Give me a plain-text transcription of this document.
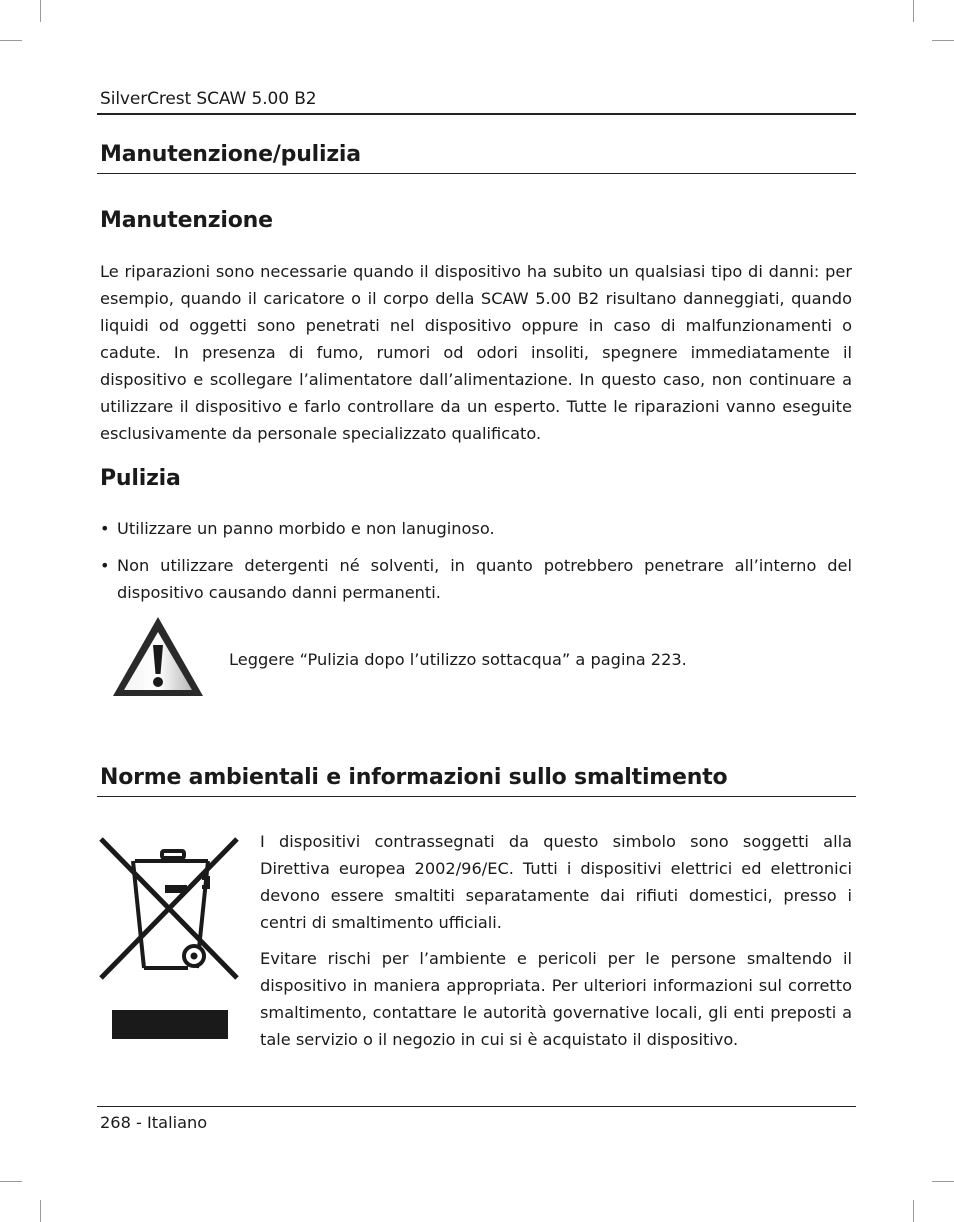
SilverCrest SCAW 5.00 B2
Manutenzione/pulizia
Manutenzione

Le riparazioni sono necessarie quando il dispositivo ha subito un qualsiasi tipo di danni: per esempio, quando il caricatore o il corpo della SCAW 5.00 B2 risultano danneggiati, quando liquidi od oggetti sono penetrati nel dispositivo oppure in caso di malfunzionamenti o cadute. In presenza di fumo, rumori od odori insoliti, spegnere immediatamente il dispositivo e scollegare l’alimentatore dall’alimentazione. In questo caso, non continuare a utilizzare il dispositivo e farlo controllare da un esperto. Tutte le riparazioni vanno eseguite esclusivamente da personale specializzato qualificato.

Pulizia
• Utilizzare un panno morbido e non lanuginoso.
• Non utilizzare detergenti né solventi, in quanto potrebbero penetrare all’interno del dispositivo causando danni permanenti.
Leggere “Pulizia dopo l’utilizzo sottacqua” a pagina 223.
Norme ambientali e informazioni sullo smaltimento

I dispositivi contrassegnati da questo simbolo sono soggetti alla Direttiva europea 2002/96/EC. Tutti i dispositivi elettrici ed elettronici devono essere smaltiti separatamente dai rifiuti domestici, presso i centri di smaltimento ufficiali.

Evitare rischi per l’ambiente e pericoli per le persone smaltendo il dispositivo in maniera appropriata. Per ulteriori informazioni sul corretto smaltimento, contattare le autorità governative locali, gli enti preposti a tale servizio o il negozio in cui si è acquistato il dispositivo.

268 - Italiano
